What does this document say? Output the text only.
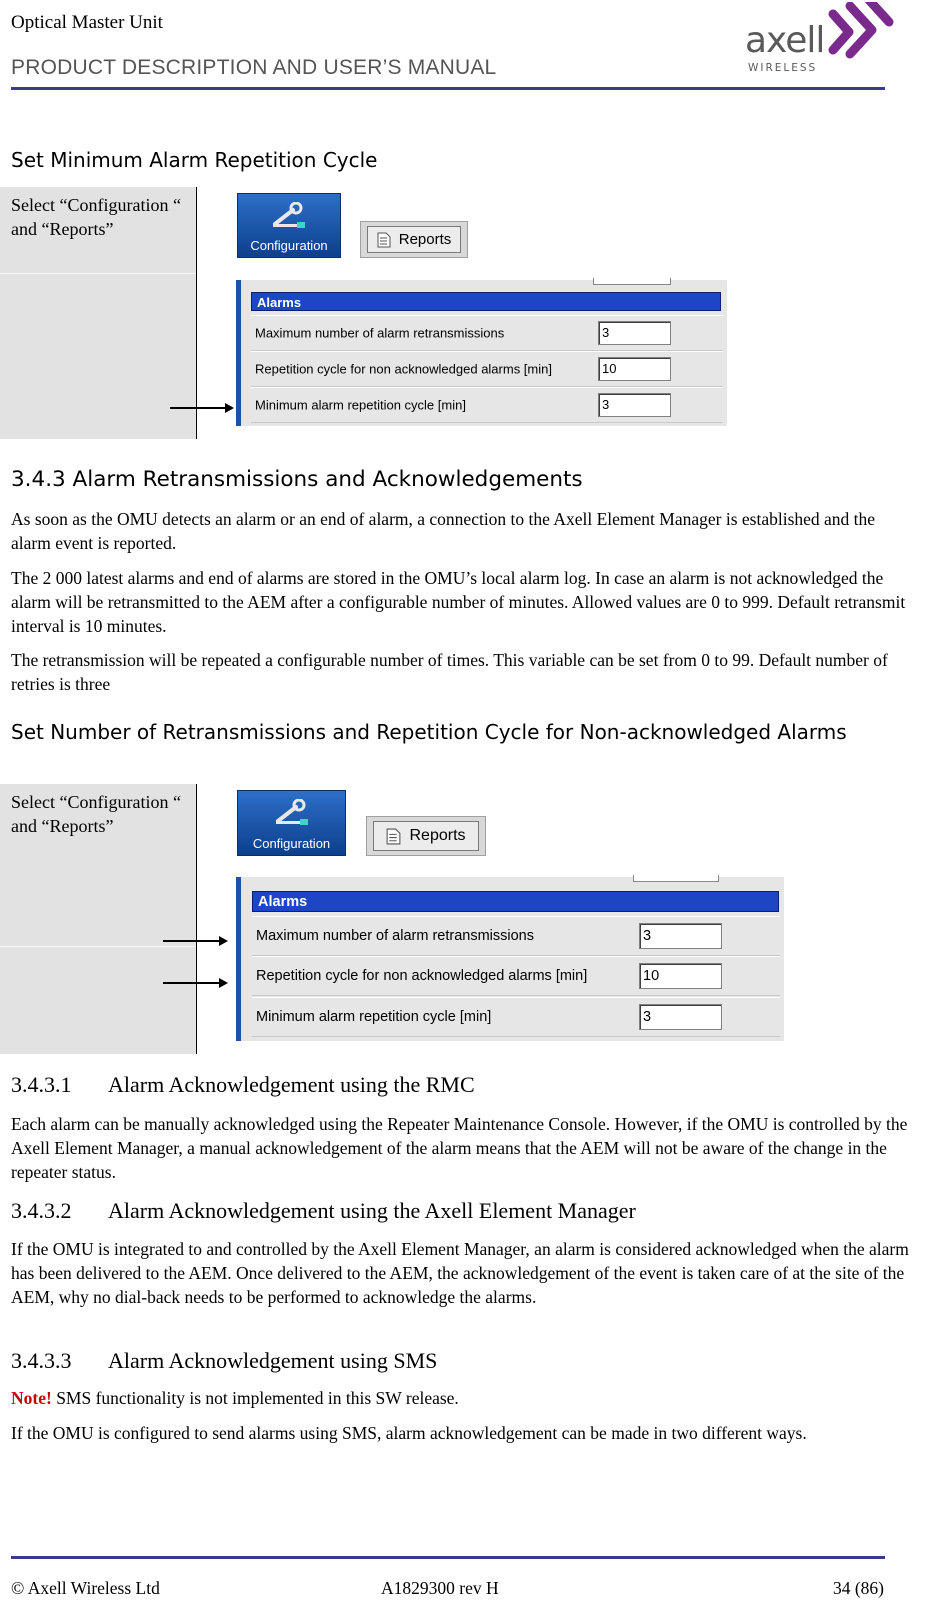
Optical Master Unit
PRODUCT DESCRIPTION AND USER’S MANUAL
axell
WIRELESS
Set Minimum Alarm Repetition Cycle
Select “Configuration “ and “Reports”
Configuration	Reports
Alarms
Maximum number of alarm retransmissions	3
Repetition cycle for non acknowledged alarms [min]	10
Minimum alarm repetition cycle [min]	3
3.4.3 Alarm Retransmissions and Acknowledgements
As soon as the OMU detects an alarm or an end of alarm, a connection to the Axell Element Manager is established and the alarm event is reported.
The 2 000 latest alarms and end of alarms are stored in the OMU’s local alarm log. In case an alarm is not acknowledged the alarm will be retransmitted to the AEM after a configurable number of minutes. Allowed values are 0 to 999. Default retransmit interval is 10 minutes.
The retransmission will be repeated a configurable number of times. This variable can be set from 0 to 99. Default number of retries is three
Set Number of Retransmissions and Repetition Cycle for Non-acknowledged Alarms
Select “Configuration “ and “Reports”
Configuration	Reports
Alarms
Maximum number of alarm retransmissions	3
Repetition cycle for non acknowledged alarms [min]	10
Minimum alarm repetition cycle [min]	3
3.4.3.1 Alarm Acknowledgement using the RMC
Each alarm can be manually acknowledged using the Repeater Maintenance Console. However, if the OMU is controlled by the Axell Element Manager, a manual acknowledgement of the alarm means that the AEM will not be aware of the change in the repeater status.
3.4.3.2 Alarm Acknowledgement using the Axell Element Manager
If the OMU is integrated to and controlled by the Axell Element Manager, an alarm is considered acknowledged when the alarm has been delivered to the AEM. Once delivered to the AEM, the acknowledgement of the event is taken care of at the site of the AEM, why no dial-back needs to be performed to acknowledge the alarms.
3.4.3.3 Alarm Acknowledgement using SMS
Note! SMS functionality is not implemented in this SW release.
If the OMU is configured to send alarms using SMS, alarm acknowledgement can be made in two different ways.
© Axell Wireless Ltd	A1829300 rev H	34 (86)
